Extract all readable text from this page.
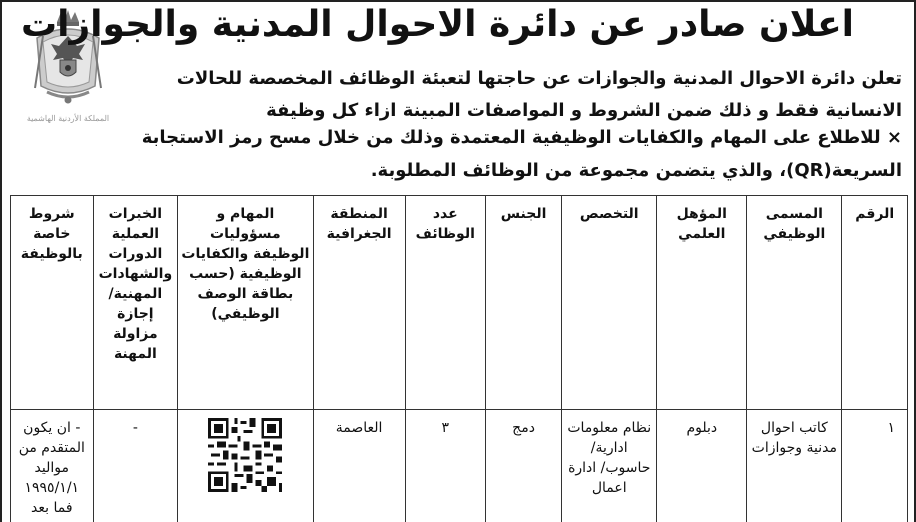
المملكة الأردنية الهاشمية
اعلان صادر عن دائرة الاحوال المدنية والجوازات

تعلن دائرة الاحوال المدنية والجوازات عن حاجتها لتعبئة الوظائف المخصصة للحالات

الانسانية فقط و ذلك ضمن الشروط و المواصفات المبينة ازاء كل وظيفة

× للاطلاع على المهام والكفايات الوظيفية المعتمدة وذلك من خلال مسح رمز الاستجابة

السريعة(QR)، والذي يتضمن مجموعة من الوظائف المطلوبة.

الرقم	المسمى الوظيفي	المؤهل العلمي	التخصص	الجنس	عدد الوظائف	المنطقة الجغرافية	المهام و مسؤوليات الوظيفة والكفايات الوظيفية (حسب بطاقة الوصف الوظيفي)	الخبرات العملية الدورات والشهادات المهنية/ إجازة مزاولة المهنة	شروط خاصة بالوظيفة
١	كاتب احوال مدنية وجوازات	دبلوم	نظام معلومات ادارية/ حاسوب/ ادارة اعمال	دمج	٣	العاصمة		-	- ان يكون المتقدم من مواليد ١٩٩٥/١/١ فما بعد
